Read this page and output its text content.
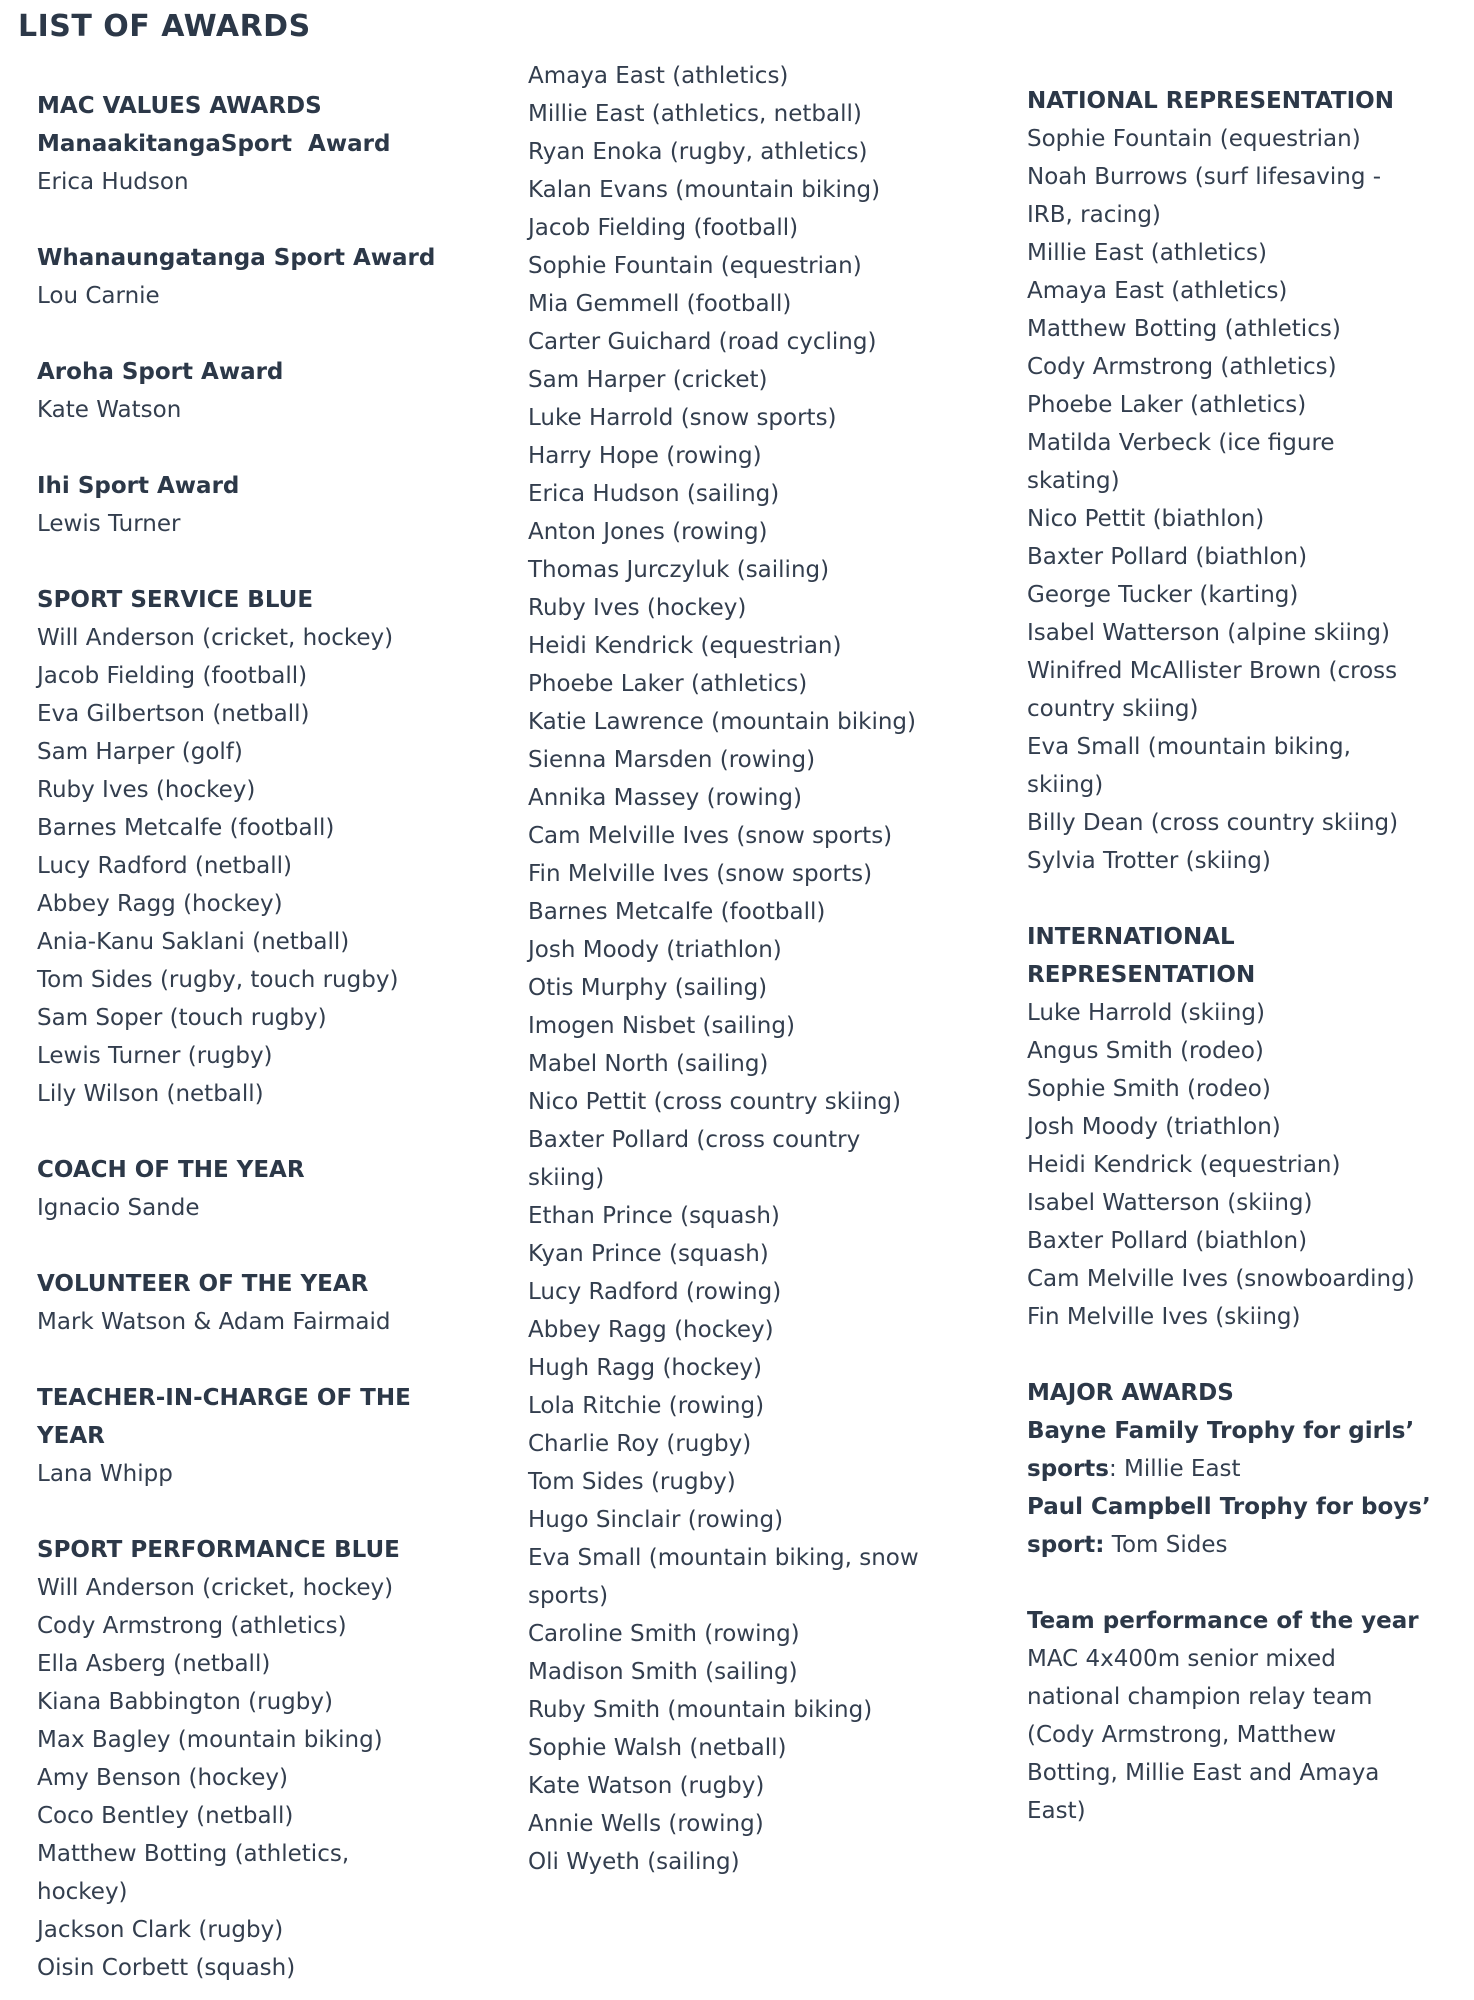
LIST OF AWARDS
MAC VALUES AWARDS
ManaakitangaSport  Award
Erica Hudson
Whanaungatanga Sport Award
Lou Carnie
Aroha Sport Award
Kate Watson
Ihi Sport Award
Lewis Turner
SPORT SERVICE BLUE
Will Anderson (cricket, hockey)
Jacob Fielding (football)
Eva Gilbertson (netball)
Sam Harper (golf)
Ruby Ives (hockey)
Barnes Metcalfe (football)
Lucy Radford (netball)
Abbey Ragg (hockey)
Ania-Kanu Saklani (netball)
Tom Sides (rugby, touch rugby)
Sam Soper (touch rugby)
Lewis Turner (rugby)
Lily Wilson (netball)
COACH OF THE YEAR
Ignacio Sande
VOLUNTEER OF THE YEAR
Mark Watson & Adam Fairmaid
TEACHER-IN-CHARGE OF THE
YEAR
Lana Whipp
SPORT PERFORMANCE BLUE
Will Anderson (cricket, hockey)
Cody Armstrong (athletics)
Ella Asberg (netball)
Kiana Babbington (rugby)
Max Bagley (mountain biking)
Amy Benson (hockey)
Coco Bentley (netball)
Matthew Botting (athletics,
hockey)
Jackson Clark (rugby)
Oisin Corbett (squash)
Amaya East (athletics)
Millie East (athletics, netball)
Ryan Enoka (rugby, athletics)
Kalan Evans (mountain biking)
Jacob Fielding (football)
Sophie Fountain (equestrian)
Mia Gemmell (football)
Carter Guichard (road cycling)
Sam Harper (cricket)
Luke Harrold (snow sports)
Harry Hope (rowing)
Erica Hudson (sailing)
Anton Jones (rowing)
Thomas Jurczyluk (sailing)
Ruby Ives (hockey)
Heidi Kendrick (equestrian)
Phoebe Laker (athletics)
Katie Lawrence (mountain biking)
Sienna Marsden (rowing)
Annika Massey (rowing)
Cam Melville Ives (snow sports)
Fin Melville Ives (snow sports)
Barnes Metcalfe (football)
Josh Moody (triathlon)
Otis Murphy (sailing)
Imogen Nisbet (sailing)
Mabel North (sailing)
Nico Pettit (cross country skiing)
Baxter Pollard (cross country
skiing)
Ethan Prince (squash)
Kyan Prince (squash)
Lucy Radford (rowing)
Abbey Ragg (hockey)
Hugh Ragg (hockey)
Lola Ritchie (rowing)
Charlie Roy (rugby)
Tom Sides (rugby)
Hugo Sinclair (rowing)
Eva Small (mountain biking, snow
sports)
Caroline Smith (rowing)
Madison Smith (sailing)
Ruby Smith (mountain biking)
Sophie Walsh (netball)
Kate Watson (rugby)
Annie Wells (rowing)
Oli Wyeth (sailing)
NATIONAL REPRESENTATION
Sophie Fountain (equestrian)
Noah Burrows (surf lifesaving -
IRB, racing)
Millie East (athletics)
Amaya East (athletics)
Matthew Botting (athletics)
Cody Armstrong (athletics)
Phoebe Laker (athletics)
Matilda Verbeck (ice figure
skating)
Nico Pettit (biathlon)
Baxter Pollard (biathlon)
George Tucker (karting)
Isabel Watterson (alpine skiing)
Winifred McAllister Brown (cross
country skiing)
Eva Small (mountain biking,
skiing)
Billy Dean (cross country skiing)
Sylvia Trotter (skiing)
INTERNATIONAL
REPRESENTATION
Luke Harrold (skiing)
Angus Smith (rodeo)
Sophie Smith (rodeo)
Josh Moody (triathlon)
Heidi Kendrick (equestrian)
Isabel Watterson (skiing)
Baxter Pollard (biathlon)
Cam Melville Ives (snowboarding)
Fin Melville Ives (skiing)
MAJOR AWARDS
Bayne Family Trophy for girls’
sports: Millie East
Paul Campbell Trophy for boys’
sport: Tom Sides
Team performance of the year
MAC 4x400m senior mixed
national champion relay team
(Cody Armstrong, Matthew
Botting, Millie East and Amaya
East)
